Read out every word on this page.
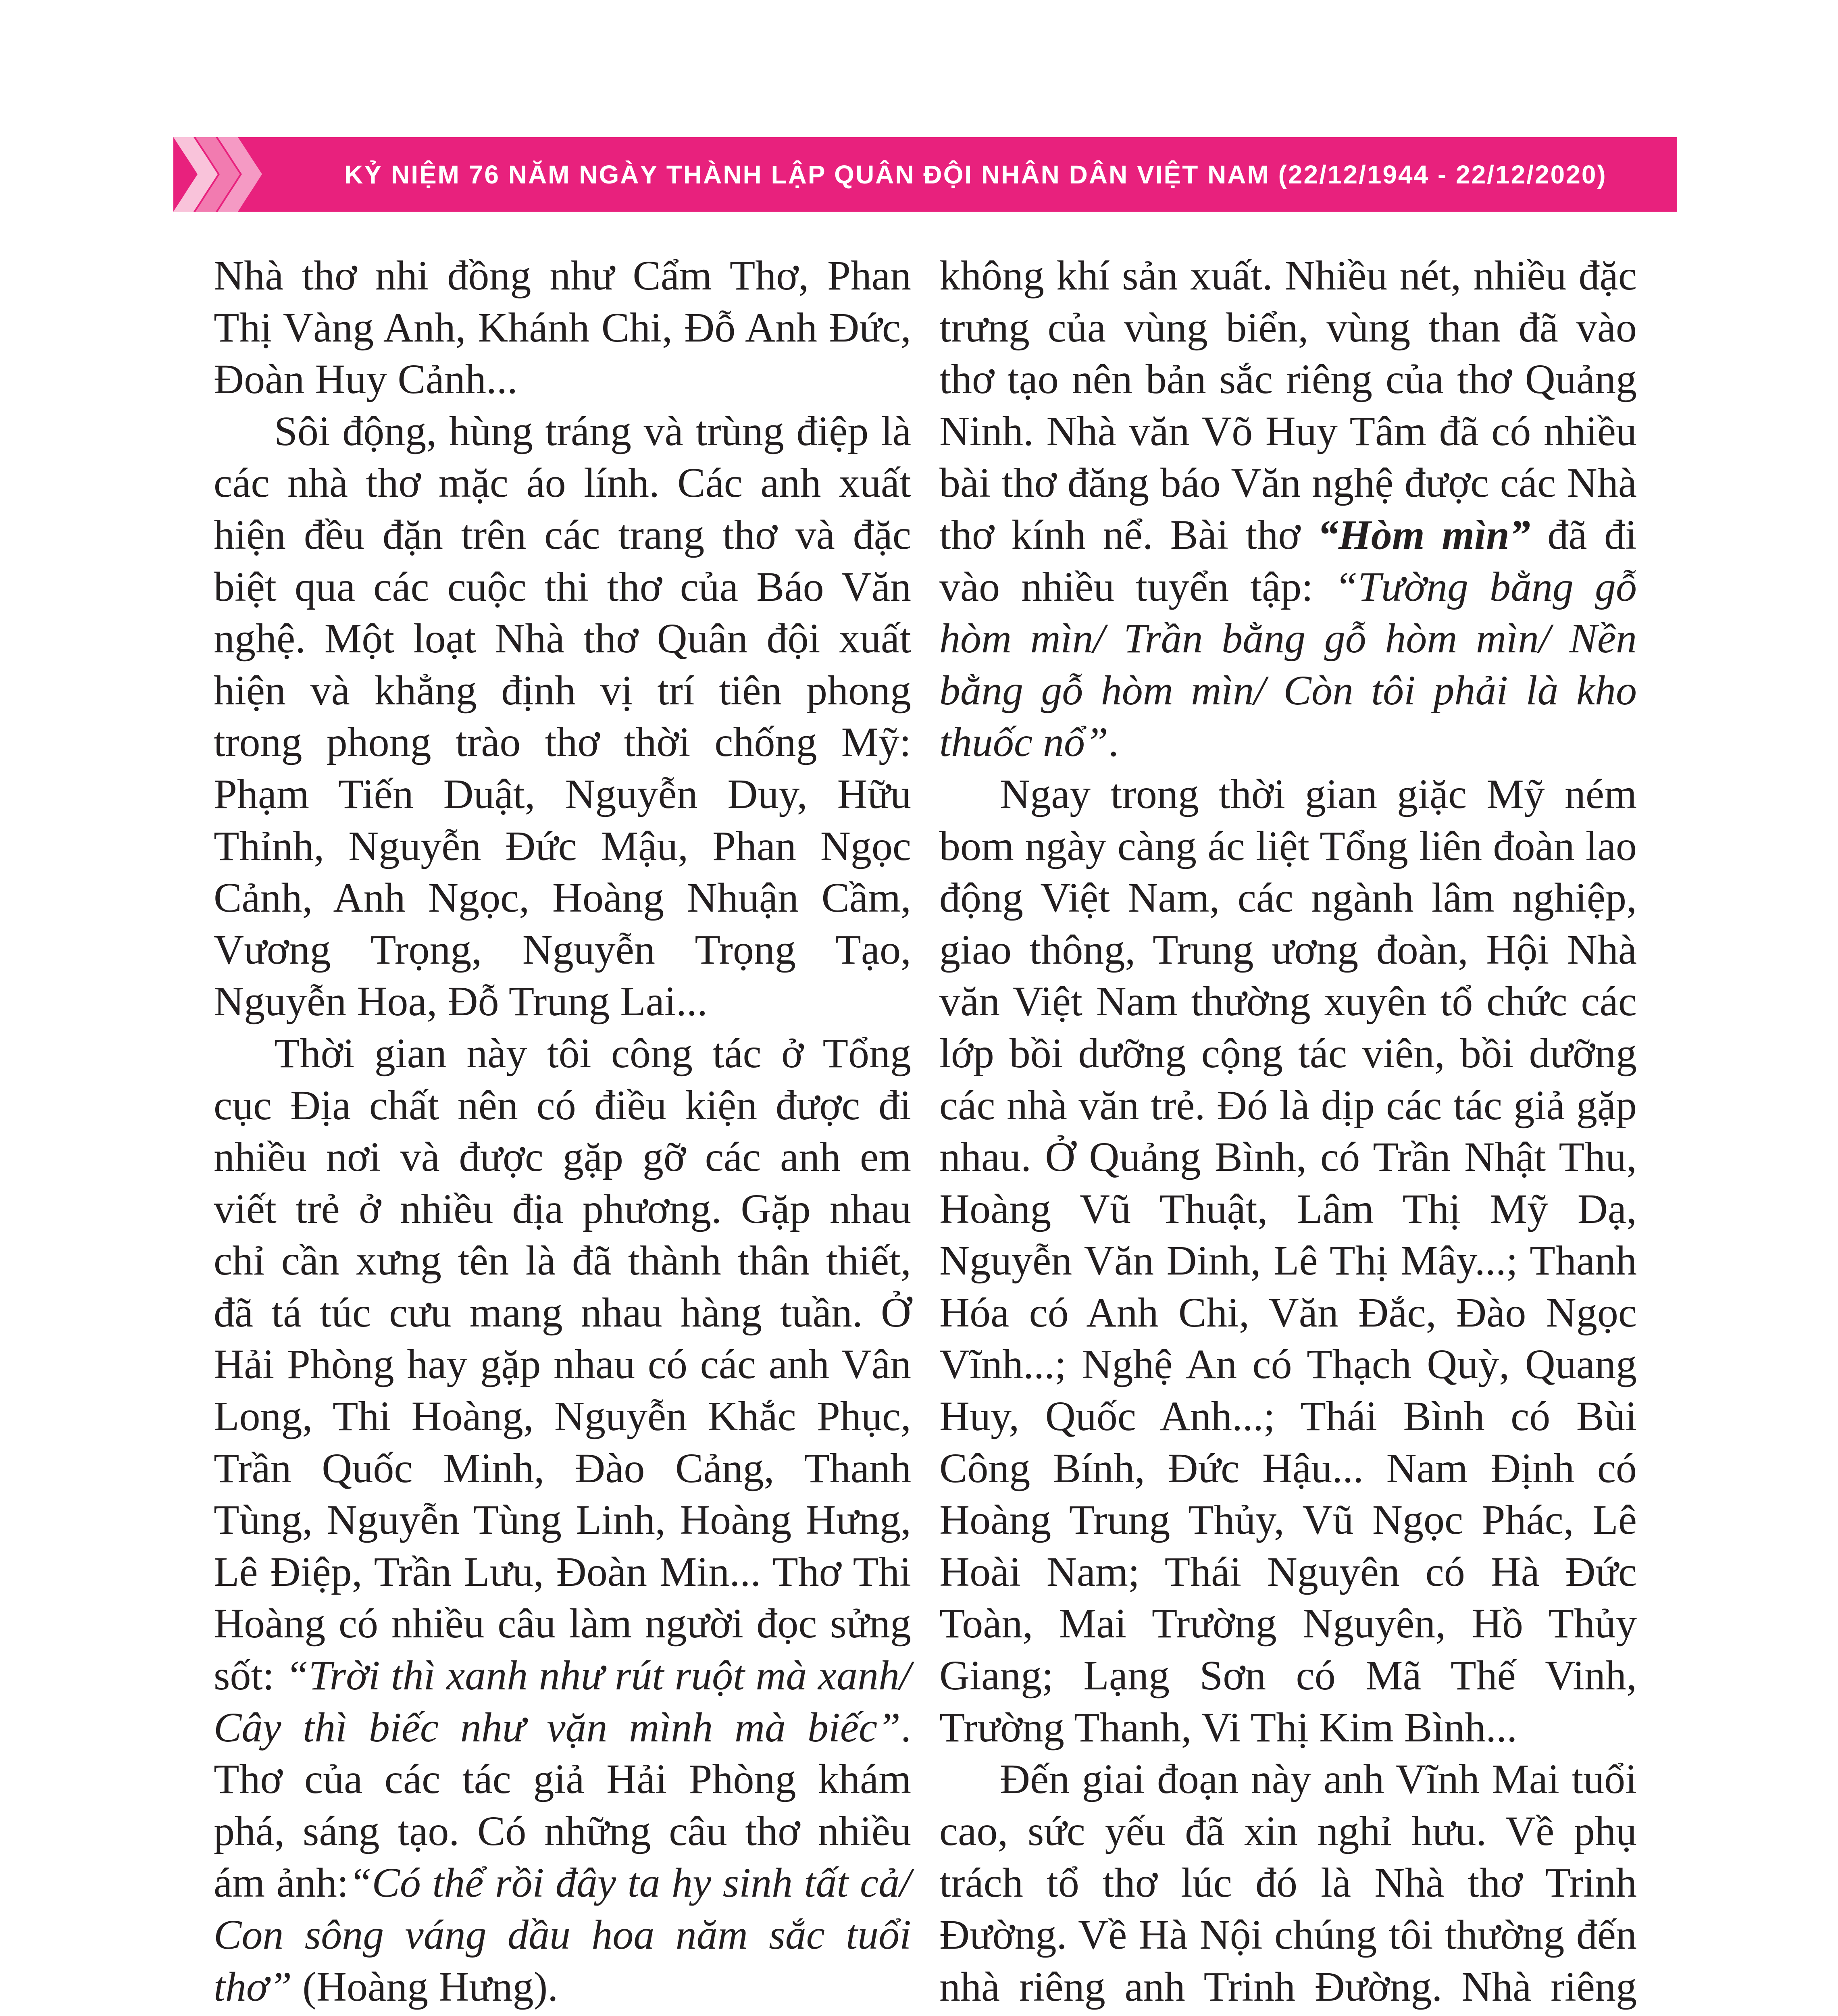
KỶ NIỆM 76 NĂM NGÀY THÀNH LẬP QUÂN ĐỘI NHÂN DÂN VIỆT NAM (22/12/1944 - 22/12/2020)

Nhà thơ nhi đồng như Cẩm Thơ, Phan Thị Vàng Anh, Khánh Chi, Đỗ Anh Đức, Đoàn Huy Cảnh...

Sôi động, hùng tráng và trùng điệp là các nhà thơ mặc áo lính. Các anh xuất hiện đều đặn trên các trang thơ và đặc biệt qua các cuộc thi thơ của Báo Văn nghệ. Một loạt Nhà thơ Quân đội xuất hiện và khẳng định vị trí tiên phong trong phong trào thơ thời chống Mỹ: Phạm Tiến Duật, Nguyễn Duy, Hữu Thỉnh, Nguyễn Đức Mậu, Phan Ngọc Cảnh, Anh Ngọc, Hoàng Nhuận Cầm, Vương Trọng, Nguyễn Trọng Tạo, Nguyễn Hoa, Đỗ Trung Lai...

Thời gian này tôi công tác ở Tổng cục Địa chất nên có điều kiện được đi nhiều nơi và được gặp gỡ các anh em viết trẻ ở nhiều địa phương. Gặp nhau chỉ cần xưng tên là đã thành thân thiết, đã tá túc cưu mang nhau hàng tuần. Ở Hải Phòng hay gặp nhau có các anh Vân Long, Thi Hoàng, Nguyễn Khắc Phục, Trần Quốc Minh, Đào Cảng, Thanh Tùng, Nguyễn Tùng Linh, Hoàng Hưng, Lê Điệp, Trần Lưu, Đoàn Min... Thơ Thi Hoàng có nhiều câu làm người đọc sửng sốt: “Trời thì xanh như rút ruột mà xanh/ Cây thì biếc như vặn mình mà biếc”. Thơ của các tác giả Hải Phòng khám phá, sáng tạo. Có những câu thơ nhiều ám ảnh:“Có thể rồi đây ta hy sinh tất cả/ Con sông váng dầu hoa năm sắc tuổi thơ” (Hoàng Hưng).

không khí sản xuất. Nhiều nét, nhiều đặc trưng của vùng biển, vùng than đã vào thơ tạo nên bản sắc riêng của thơ Quảng Ninh. Nhà văn Võ Huy Tâm đã có nhiều bài thơ đăng báo Văn nghệ được các Nhà thơ kính nể. Bài thơ “Hòm mìn” đã đi vào nhiều tuyển tập: “Tường bằng gỗ hòm mìn/ Trần bằng gỗ hòm mìn/ Nền bằng gỗ hòm mìn/ Còn tôi phải là kho thuốc nổ”.

Ngay trong thời gian giặc Mỹ ném bom ngày càng ác liệt Tổng liên đoàn lao động Việt Nam, các ngành lâm nghiệp, giao thông, Trung ương đoàn, Hội Nhà văn Việt Nam thường xuyên tổ chức các lớp bồi dưỡng cộng tác viên, bồi dưỡng các nhà văn trẻ. Đó là dịp các tác giả gặp nhau. Ở Quảng Bình, có Trần Nhật Thu, Hoàng Vũ Thuật, Lâm Thị Mỹ Dạ, Nguyễn Văn Dinh, Lê Thị Mây...; Thanh Hóa có Anh Chi, Văn Đắc, Đào Ngọc Vĩnh...; Nghệ An có Thạch Quỳ, Quang Huy, Quốc Anh...; Thái Bình có Bùi Công Bính, Đức Hậu... Nam Định có Hoàng Trung Thủy, Vũ Ngọc Phác, Lê Hoài Nam; Thái Nguyên có Hà Đức Toàn, Mai Trường Nguyên, Hồ Thủy Giang; Lạng Sơn có Mã Thế Vinh, Trường Thanh, Vi Thị Kim Bình...

Đến giai đoạn này anh Vĩnh Mai tuổi cao, sức yếu đã xin nghỉ hưu. Về phụ trách tổ thơ lúc đó là Nhà thơ Trinh Đường. Về Hà Nội chúng tôi thường đến nhà riêng anh Trinh Đường. Nhà riêng
